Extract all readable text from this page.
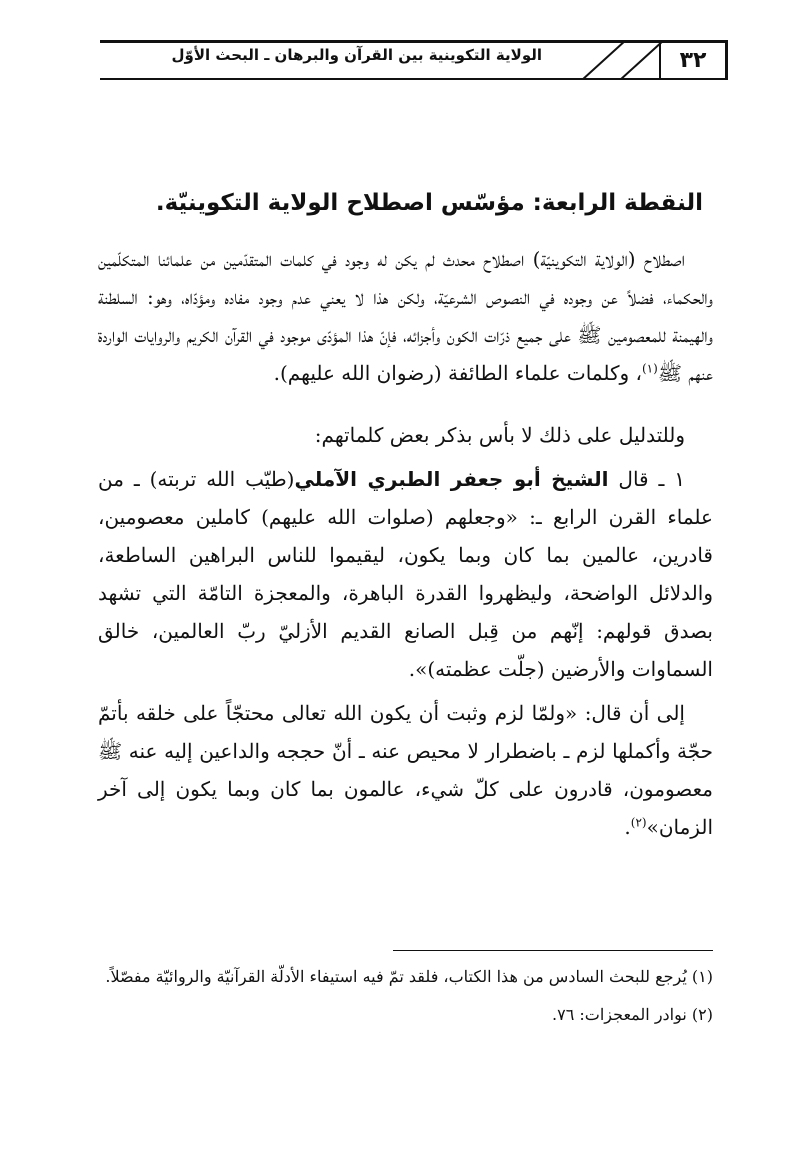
٣٢
الولاية التكوينية بين القرآن والبرهان ـ البحث الأوّل
النقطة الرابعة: مؤسّس اصطلاح الولاية التكوينيّة.

اصطلاح (الولاية التكوينيّة) اصطلاح محدث لم يكن له وجود في كلمات المتقدّمين من علمائنا المتكلّمين والحكماء، فضلاً عن وجوده في النصوص الشرعيّة، ولكن هذا لا يعني عدم وجود مفاده ومؤدّاه، وهو: السلطنة والهيمنة للمعصومين ﷺ على جميع ذرّات الكون وأجزائه، فإنّ هذا المؤدّى موجود في القرآن الكريم والروايات الواردة عنهم ﷺ$^{(١)}$، وكلمات علماء الطائفة (رضوان الله عليهم).

وللتدليل على ذلك لا بأس بذكر بعض كلماتهم:

١ ـ قال الشيخ أبو جعفر الطبري الآملي(طيّب الله تربته) ـ من علماء القرن الرابع ـ: «وجعلهم (صلوات الله عليهم) كاملين معصومين، قادرين، عالمين بما كان وبما يكون، ليقيموا للناس البراهين الساطعة، والدلائل الواضحة، وليظهروا القدرة الباهرة، والمعجزة التامّة التي تشهد بصدق قولهم: إنّهم من قِبل الصانع القديم الأزليّ ربّ العالمين، خالق السماوات والأرضين (جلّت عظمته)».

إلى أن قال: «ولمّا لزم وثبت أن يكون الله تعالى محتجّاً على خلقه بأتمّ حجّة وأكملها لزم ـ باضطرار لا محيص عنه ـ أنّ حججه والداعين إليه عنه ﷺ معصومون، قادرون على كلّ شيء، عالمون بما كان وبما يكون إلى آخر الزمان»$^{(٢)}$.

(١) يُرجع للبحث السادس من هذا الكتاب، فلقد تمّ فيه استيفاء الأدلّة القرآنيّة والروائيّة مفصّلاً.

(٢) نوادر المعجزات: ٧٦.
